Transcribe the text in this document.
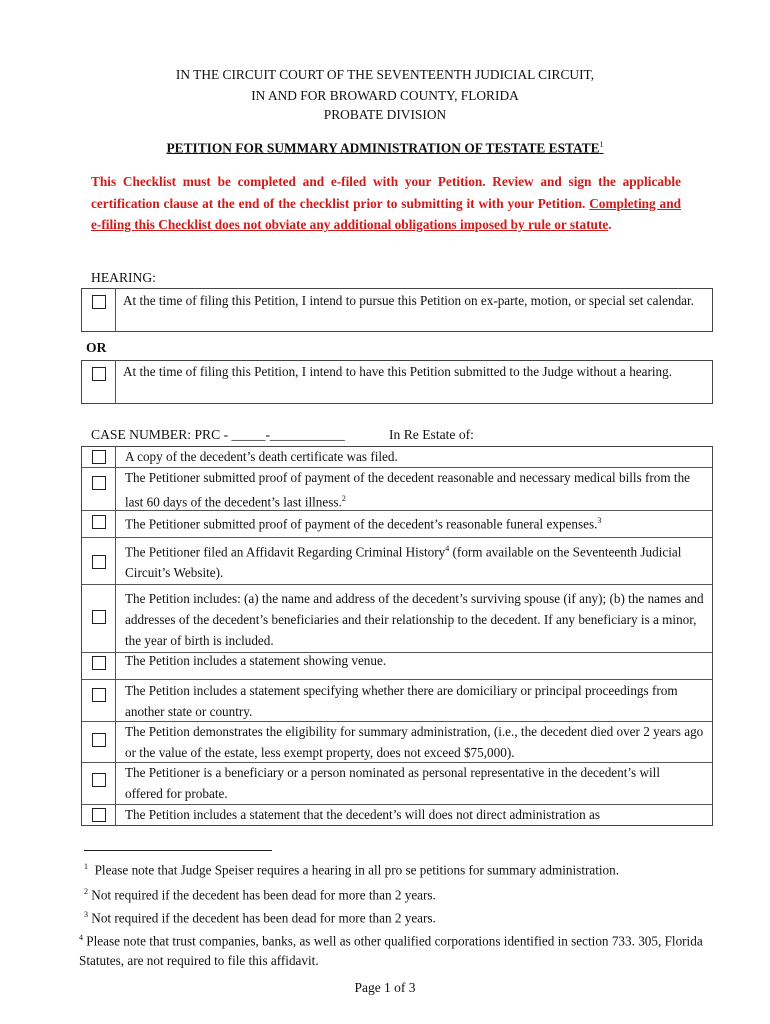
IN THE CIRCUIT COURT OF THE SEVENTEENTH JUDICIAL CIRCUIT,
IN AND FOR BROWARD COUNTY, FLORIDA
PROBATE DIVISION
PETITION FOR SUMMARY ADMINISTRATION OF TESTATE ESTATE$^1$
This Checklist must be completed and e-filed with your Petition. Review and sign the applicable certification clause at the end of the checklist prior to submitting it with your Petition. Completing and e-filing this Checklist does not obviate any additional obligations imposed by rule or statute.
HEARING:
At the time of filing this Petition, I intend to pursue this Petition on ex-parte, motion, or special set calendar.
OR
At the time of filing this Petition, I intend to have this Petition submitted to the Judge without a hearing.
CASE NUMBER: PRC - _____-___________	In Re Estate of:
A copy of the decedent’s death certificate was filed.
The Petitioner submitted proof of payment of the decedent reasonable and necessary medical bills from the last 60 days of the decedent’s last illness.$^2$
The Petitioner submitted proof of payment of the decedent’s reasonable funeral expenses.$^3$
The Petitioner filed an Affidavit Regarding Criminal History$^4$ (form available on the Seventeenth Judicial Circuit’s Website).
The Petition includes: (a) the name and address of the decedent’s surviving spouse (if any); (b) the names and addresses of the decedent’s beneficiaries and their relationship to the decedent. If any beneficiary is a minor, the year of birth is included.
The Petition includes a statement showing venue.
The Petition includes a statement specifying whether there are domiciliary or principal proceedings from another state or country.
The Petition demonstrates the eligibility for summary administration, (i.e., the decedent died over 2 years ago or the value of the estate, less exempt property, does not exceed $75,000).
The Petitioner is a beneficiary or a person nominated as personal representative in the decedent’s will offered for probate.
The Petition includes a statement that the decedent’s will does not direct administration as
$^1$ Please note that Judge Speiser requires a hearing in all pro se petitions for summary administration.
$^2$ Not required if the decedent has been dead for more than 2 years.
$^3$ Not required if the decedent has been dead for more than 2 years.
$^4$ Please note that trust companies, banks, as well as other qualified corporations identified in section 733. 305, Florida Statutes, are not required to file this affidavit.
Page 1 of 3
